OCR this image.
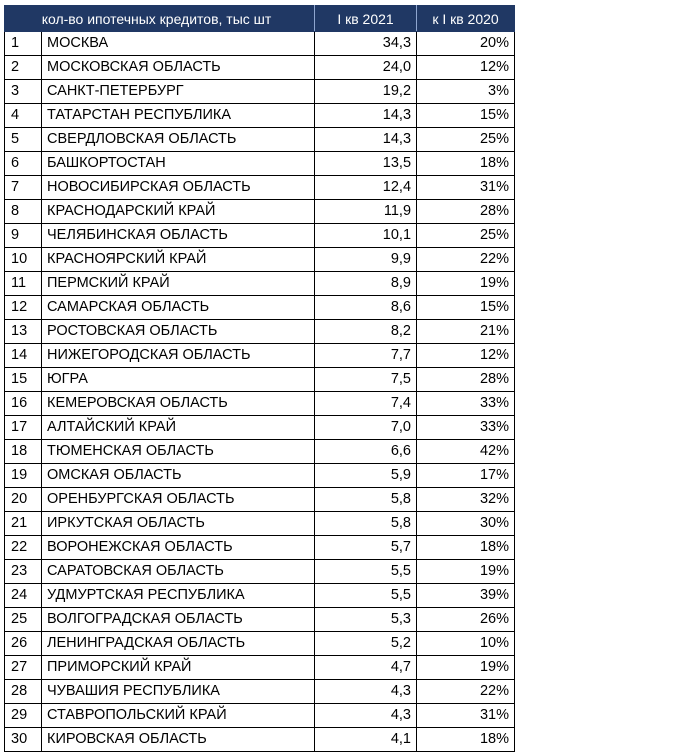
кол-во ипотечных кредитов, тыс шт		I кв 2021	к I кв 2020
1	МОСКВА	34,3	20%
2	МОСКОВСКАЯ ОБЛАСТЬ	24,0	12%
3	САНКТ-ПЕТЕРБУРГ	19,2	3%
4	ТАТАРСТАН РЕСПУБЛИКА	14,3	15%
5	СВЕРДЛОВСКАЯ ОБЛАСТЬ	14,3	25%
6	БАШКОРТОСТАН	13,5	18%
7	НОВОСИБИРСКАЯ ОБЛАСТЬ	12,4	31%
8	КРАСНОДАРСКИЙ КРАЙ	11,9	28%
9	ЧЕЛЯБИНСКАЯ ОБЛАСТЬ	10,1	25%
10	КРАСНОЯРСКИЙ КРАЙ	9,9	22%
11	ПЕРМСКИЙ КРАЙ	8,9	19%
12	САМАРСКАЯ ОБЛАСТЬ	8,6	15%
13	РОСТОВСКАЯ ОБЛАСТЬ	8,2	21%
14	НИЖЕГОРОДСКАЯ ОБЛАСТЬ	7,7	12%
15	ЮГРА	7,5	28%
16	КЕМЕРОВСКАЯ ОБЛАСТЬ	7,4	33%
17	АЛТАЙСКИЙ КРАЙ	7,0	33%
18	ТЮМЕНСКАЯ ОБЛАСТЬ	6,6	42%
19	ОМСКАЯ ОБЛАСТЬ	5,9	17%
20	ОРЕНБУРГСКАЯ ОБЛАСТЬ	5,8	32%
21	ИРКУТСКАЯ ОБЛАСТЬ	5,8	30%
22	ВОРОНЕЖСКАЯ ОБЛАСТЬ	5,7	18%
23	САРАТОВСКАЯ ОБЛАСТЬ	5,5	19%
24	УДМУРТСКАЯ РЕСПУБЛИКА	5,5	39%
25	ВОЛГОГРАДСКАЯ ОБЛАСТЬ	5,3	26%
26	ЛЕНИНГРАДСКАЯ ОБЛАСТЬ	5,2	10%
27	ПРИМОРСКИЙ КРАЙ	4,7	19%
28	ЧУВАШИЯ РЕСПУБЛИКА	4,3	22%
29	СТАВРОПОЛЬСКИЙ КРАЙ	4,3	31%
30	КИРОВСКАЯ ОБЛАСТЬ	4,1	18%
